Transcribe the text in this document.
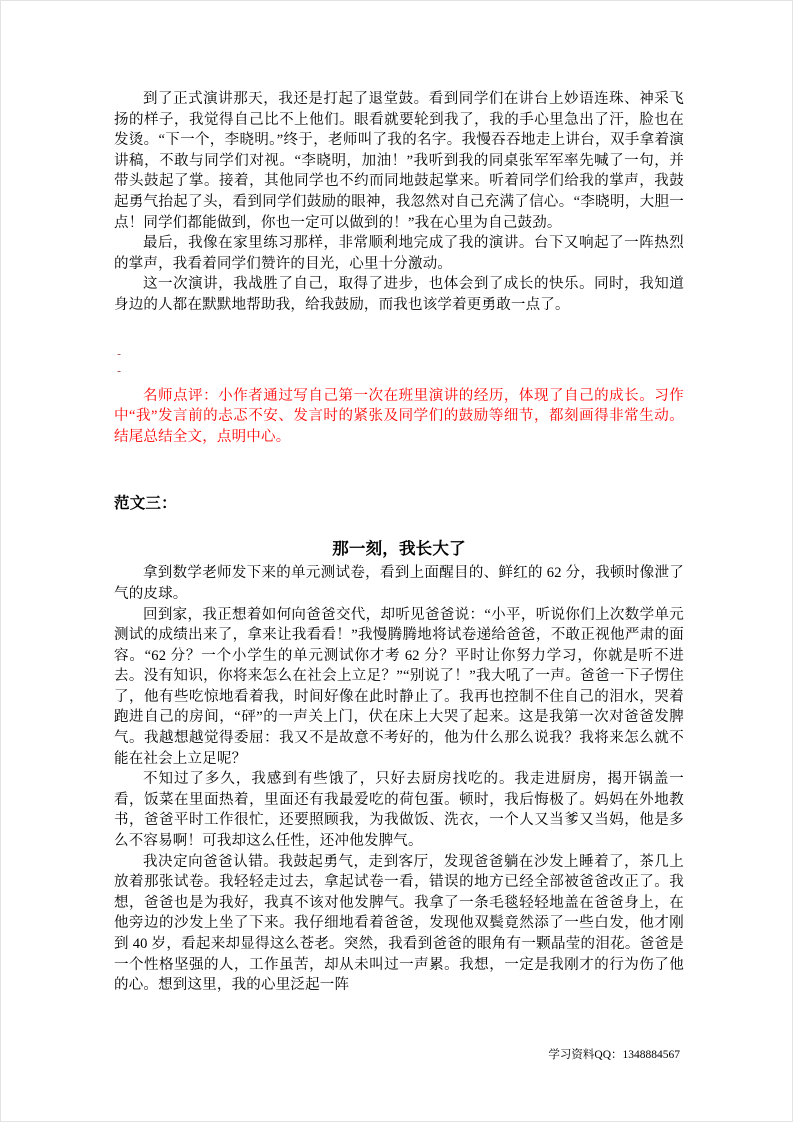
到了正式演讲那天，我还是打起了退堂鼓。看到同学们在讲台上妙语连珠、神采飞扬的样子，我觉得自己比不上他们。眼看就要轮到我了，我的手心里急出了汗，脸也在发烫。“下一个，李晓明。”终于，老师叫了我的名字。我慢吞吞地走上讲台，双手拿着演讲稿，不敢与同学们对视。“李晓明，加油！”我听到我的同桌张军军率先喊了一句，并带头鼓起了掌。接着，其他同学也不约而同地鼓起掌来。听着同学们给我的掌声，我鼓起勇气抬起了头，看到同学们鼓励的眼神，我忽然对自己充满了信心。“李晓明，大胆一点！同学们都能做到，你也一定可以做到的！”我在心里为自己鼓劲。

最后，我像在家里练习那样，非常顺利地完成了我的演讲。台下又响起了一阵热烈的掌声，我看着同学们赞许的目光，心里十分激动。

这一次演讲，我战胜了自己，取得了进步，也体会到了成长的快乐。同时，我知道身边的人都在默默地帮助我，给我鼓励，而我也该学着更勇敢一点了。

-
-

名师点评：小作者通过写自己第一次在班里演讲的经历，体现了自己的成长。习作中“我”发言前的忐忑不安、发言时的紧张及同学们的鼓励等细节，都刻画得非常生动。结尾总结全文，点明中心。

范文三：

那一刻，我长大了

拿到数学老师发下来的单元测试卷，看到上面醒目的、鲜红的 62 分，我顿时像泄了气的皮球。

回到家，我正想着如何向爸爸交代，却听见爸爸说：“小平，听说你们上次数学单元测试的成绩出来了，拿来让我看看！”我慢腾腾地将试卷递给爸爸，不敢正视他严肃的面容。“62 分？一个小学生的单元测试你才考 62 分？平时让你努力学习，你就是听不进去。没有知识，你将来怎么在社会上立足？”“别说了！”我大吼了一声。爸爸一下子愣住了，他有些吃惊地看着我，时间好像在此时静止了。我再也控制不住自己的泪水，哭着跑进自己的房间，“砰”的一声关上门，伏在床上大哭了起来。这是我第一次对爸爸发脾气。我越想越觉得委屈：我又不是故意不考好的，他为什么那么说我？我将来怎么就不能在社会上立足呢？

不知过了多久，我感到有些饿了，只好去厨房找吃的。我走进厨房，揭开锅盖一看，饭菜在里面热着，里面还有我最爱吃的荷包蛋。顿时，我后悔极了。妈妈在外地教书，爸爸平时工作很忙，还要照顾我，为我做饭、洗衣，一个人又当爹又当妈，他是多么不容易啊！可我却这么任性，还冲他发脾气。

我决定向爸爸认错。我鼓起勇气，走到客厅，发现爸爸躺在沙发上睡着了，茶几上放着那张试卷。我轻轻走过去，拿起试卷一看，错误的地方已经全部被爸爸改正了。我想，爸爸也是为我好，我真不该对他发脾气。我拿了一条毛毯轻轻地盖在爸爸身上，在他旁边的沙发上坐了下来。我仔细地看着爸爸，发现他双鬓竟然添了一些白发，他才刚到 40 岁，看起来却显得这么苍老。突然，我看到爸爸的眼角有一颗晶莹的泪花。爸爸是一个性格坚强的人，工作虽苦，却从未叫过一声累。我想，一定是我刚才的行为伤了他的心。想到这里，我的心里泛起一阵

学习资料QQ：1348884567
